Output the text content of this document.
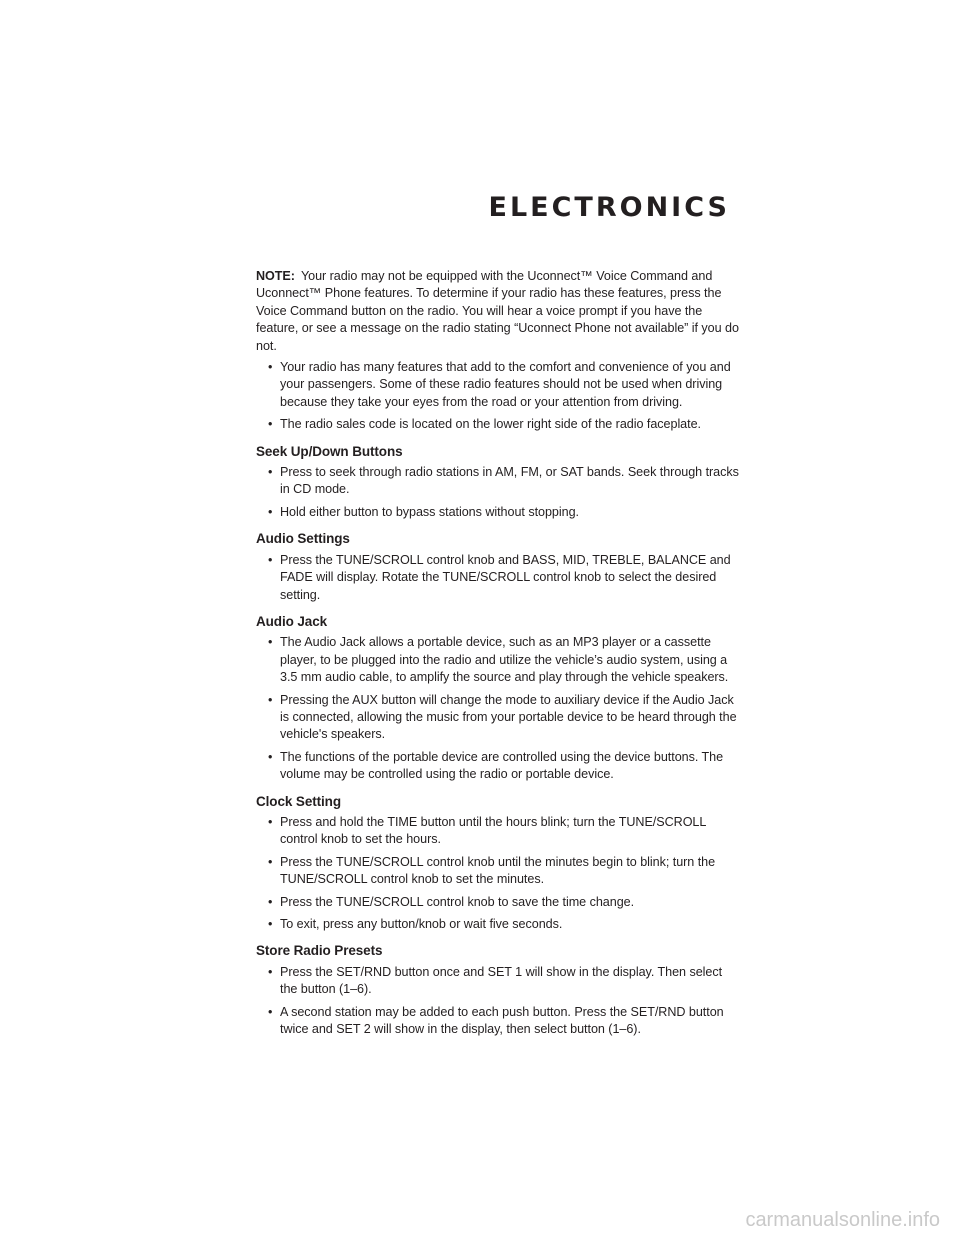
ELECTRONICS

NOTE: Your radio may not be equipped with the Uconnect™ Voice Command and Uconnect™ Phone features. To determine if your radio has these features, press the Voice Command button on the radio. You will hear a voice prompt if you have the feature, or see a message on the radio stating “Uconnect Phone not available” if you do not.

• Your radio has many features that add to the comfort and convenience of you and your passengers. Some of these radio features should not be used when driving because they take your eyes from the road or your attention from driving.
• The radio sales code is located on the lower right side of the radio faceplate.
Seek Up/Down Buttons
• Press to seek through radio stations in AM, FM, or SAT bands. Seek through tracks in CD mode.
• Hold either button to bypass stations without stopping.
Audio Settings
• Press the TUNE/SCROLL control knob and BASS, MID, TREBLE, BALANCE and FADE will display. Rotate the TUNE/SCROLL control knob to select the desired setting.
Audio Jack
• The Audio Jack allows a portable device, such as an MP3 player or a cassette player, to be plugged into the radio and utilize the vehicle’s audio system, using a 3.5 mm audio cable, to amplify the source and play through the vehicle speakers.
• Pressing the AUX button will change the mode to auxiliary device if the Audio Jack is connected, allowing the music from your portable device to be heard through the vehicle's speakers.
• The functions of the portable device are controlled using the device buttons. The volume may be controlled using the radio or portable device.
Clock Setting
• Press and hold the TIME button until the hours blink; turn the TUNE/SCROLL control knob to set the hours.
• Press the TUNE/SCROLL control knob until the minutes begin to blink; turn the TUNE/SCROLL control knob to set the minutes.
• Press the TUNE/SCROLL control knob to save the time change.
• To exit, press any button/knob or wait five seconds.
Store Radio Presets
• Press the SET/RND button once and SET 1 will show in the display. Then select the button (1–6).
• A second station may be added to each push button. Press the SET/RND button twice and SET 2 will show in the display, then select button (1–6).
carmanualsonline.info
